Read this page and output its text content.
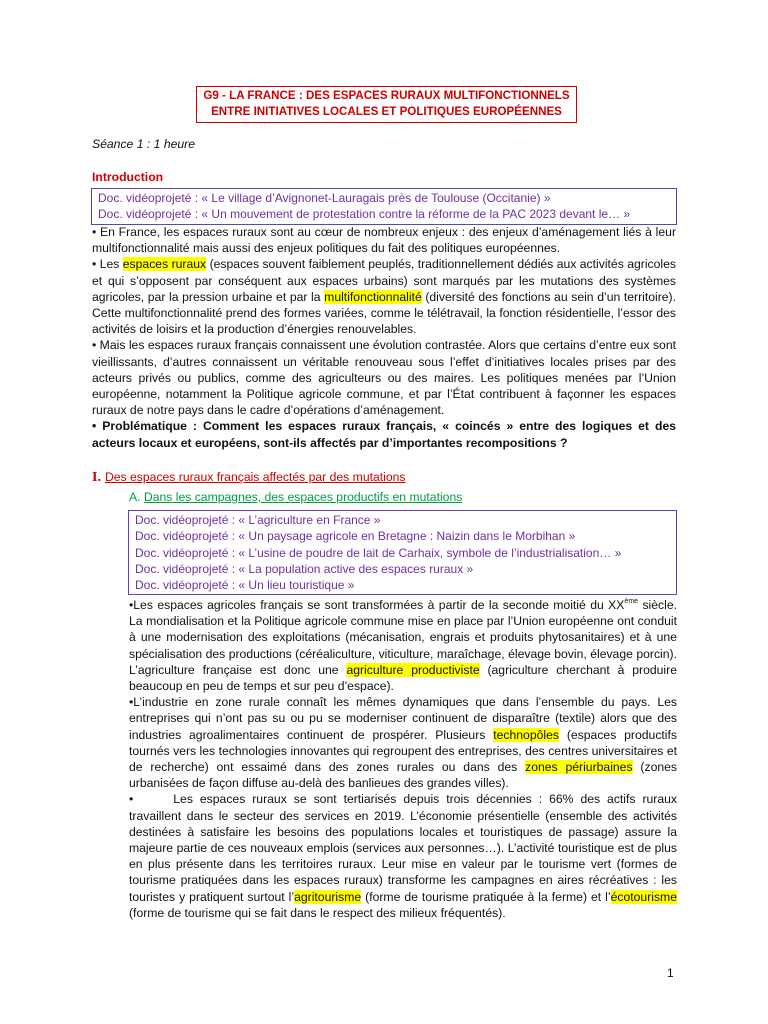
G9 - LA FRANCE : DES ESPACES RURAUX MULTIFONCTIONNELS
ENTRE INITIATIVES LOCALES ET POLITIQUES EUROPÉENNES
Séance 1 : 1 heure
Introduction
Doc. vidéoprojeté : « Le village d’Avignonet-Lauragais près de Toulouse (Occitanie) »
Doc. vidéoprojeté : « Un mouvement de protestation contre la réforme de la PAC 2023 devant le… »

• En France, les espaces ruraux sont au cœur de nombreux enjeux : des enjeux d’aménagement liés à leur multifonctionnalité mais aussi des enjeux politiques du fait des politiques européennes.

• Les espaces ruraux (espaces souvent faiblement peuplés, traditionnellement dédiés aux activités agricoles et qui s’opposent par conséquent aux espaces urbains) sont marqués par les mutations des systèmes agricoles, par la pression urbaine et par la multifonctionnalité (diversité des fonctions au sein d’un territoire). Cette multifonctionnalité prend des formes variées, comme le télétravail, la fonction résidentielle, l’essor des activités de loisirs et la production d’énergies renouvelables.

• Mais les espaces ruraux français connaissent une évolution contrastée. Alors que certains d’entre eux sont vieillissants, d’autres connaissent un véritable renouveau sous l’effet d’initiatives locales prises par des acteurs privés ou publics, comme des agriculteurs ou des maires. Les politiques menées par l’Union européenne, notamment la Politique agricole commune, et par l’État contribuent à façonner les espaces ruraux de notre pays dans le cadre d’opérations d’aménagement.

• Problématique : Comment les espaces ruraux français, « coincés » entre des logiques et des acteurs locaux et européens, sont-ils affectés par d’importantes recompositions ?

I. Des espaces ruraux français affectés par des mutations
A. Dans les campagnes, des espaces productifs en mutations
Doc. vidéoprojeté : « L’agriculture en France »
Doc. vidéoprojeté : « Un paysage agricole en Bretagne : Naizin dans le Morbihan »
Doc. vidéoprojeté : « L’usine de poudre de lait de Carhaix, symbole de l’industrialisation… »
Doc. vidéoprojeté : « La population active des espaces ruraux »
Doc. vidéoprojeté : « Un lieu touristique »

•Les espaces agricoles français se sont transformées à partir de la seconde moitié du XXème siècle. La mondialisation et la Politique agricole commune mise en place par l’Union européenne ont conduit à une modernisation des exploitations (mécanisation, engrais et produits phytosanitaires) et à une spécialisation des productions (céréaliculture, viticulture, maraîchage, élevage bovin, élevage porcin). L’agriculture française est donc une agriculture productiviste (agriculture cherchant à produire beaucoup en peu de temps et sur peu d’espace).

•L’industrie en zone rurale connaît les mêmes dynamiques que dans l’ensemble du pays. Les entreprises qui n’ont pas su ou pu se moderniser continuent de disparaître (textile) alors que des industries agroalimentaires continuent de prospérer. Plusieurs technopôles (espaces productifs tournés vers les technologies innovantes qui regroupent des entreprises, des centres universitaires et de recherche) ont essaimé dans des zones rurales ou dans des zones périurbaines (zones urbanisées de façon diffuse au-delà des banlieues des grandes villes).

•	Les espaces ruraux se sont tertiarisés depuis trois décennies : 66% des actifs ruraux travaillent dans le secteur des services en 2019. L’économie présentielle (ensemble des activités destinées à satisfaire les besoins des populations locales et touristiques de passage) assure la majeure partie de ces nouveaux emplois (services aux personnes…). L’activité touristique est de plus en plus présente dans les territoires ruraux. Leur mise en valeur par le tourisme vert (formes de tourisme pratiquées dans les espaces ruraux) transforme les campagnes en aires récréatives : les touristes y pratiquent surtout l’agritourisme (forme de tourisme pratiquée à la ferme) et l’écotourisme (forme de tourisme qui se fait dans le respect des milieux fréquentés).

1
